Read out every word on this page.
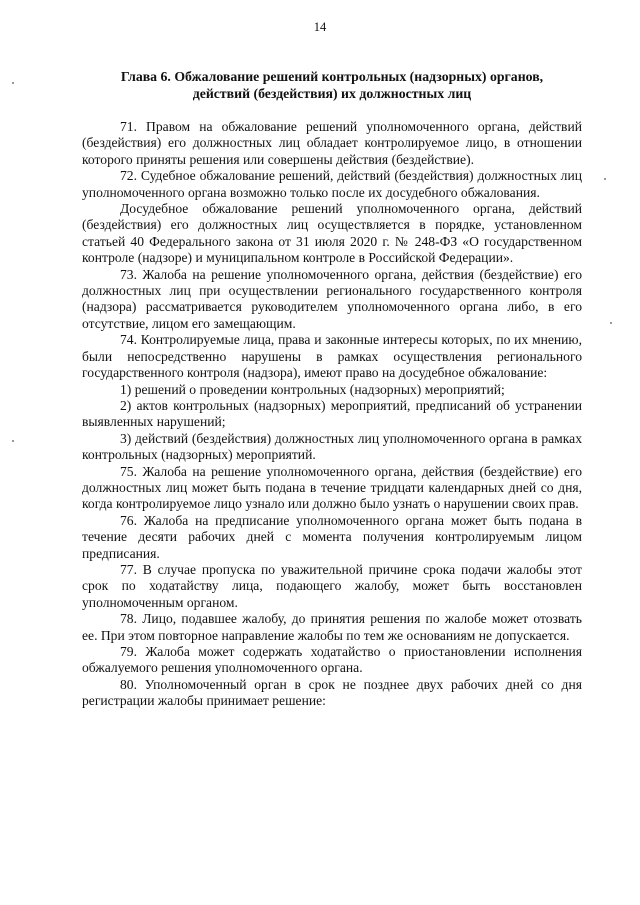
14
Глава 6. Обжалование решений контрольных (надзорных) органов,
действий (бездействия) их должностных лиц

71. Правом на обжалование решений уполномоченного органа, действий (бездействия) его должностных лиц обладает контролируемое лицо, в отношении которого приняты решения или совершены действия (бездействие).

72. Судебное обжалование решений, действий (бездействия) должностных лиц уполномоченного органа возможно только после их досудебного обжалования.

Досудебное обжалование решений уполномоченного органа, действий (бездействия) его должностных лиц осуществляется в порядке, установленном статьей 40 Федерального закона от 31 июля 2020 г. № 248-ФЗ «О государственном контроле (надзоре) и муниципальном контроле в Российской Федерации».

73. Жалоба на решение уполномоченного органа, действия (бездействие) его должностных лиц при осуществлении регионального государственного контроля (надзора) рассматривается руководителем уполномоченного органа либо, в его отсутствие, лицом его замещающим.

74. Контролируемые лица, права и законные интересы которых, по их мнению, были непосредственно нарушены в рамках осуществления регионального государственного контроля (надзора), имеют право на досудебное обжалование:

1) решений о проведении контрольных (надзорных) мероприятий;

2) актов контрольных (надзорных) мероприятий, предписаний об устранении выявленных нарушений;

3) действий (бездействия) должностных лиц уполномоченного органа в рамках контрольных (надзорных) мероприятий.

75. Жалоба на решение уполномоченного органа, действия (бездействие) его должностных лиц может быть подана в течение тридцати календарных дней со дня, когда контролируемое лицо узнало или должно было узнать о нарушении своих прав.

76. Жалоба на предписание уполномоченного органа может быть подана в течение десяти рабочих дней с момента получения контролируемым лицом предписания.

77. В случае пропуска по уважительной причине срока подачи жалобы этот срок по ходатайству лица, подающего жалобу, может быть восстановлен уполномоченным органом.

78. Лицо, подавшее жалобу, до принятия решения по жалобе может отозвать ее. При этом повторное направление жалобы по тем же основаниям не допускается.

79. Жалоба может содержать ходатайство о приостановлении исполнения обжалуемого решения уполномоченного органа.

80. Уполномоченный орган в срок не позднее двух рабочих дней со дня регистрации жалобы принимает решение:
